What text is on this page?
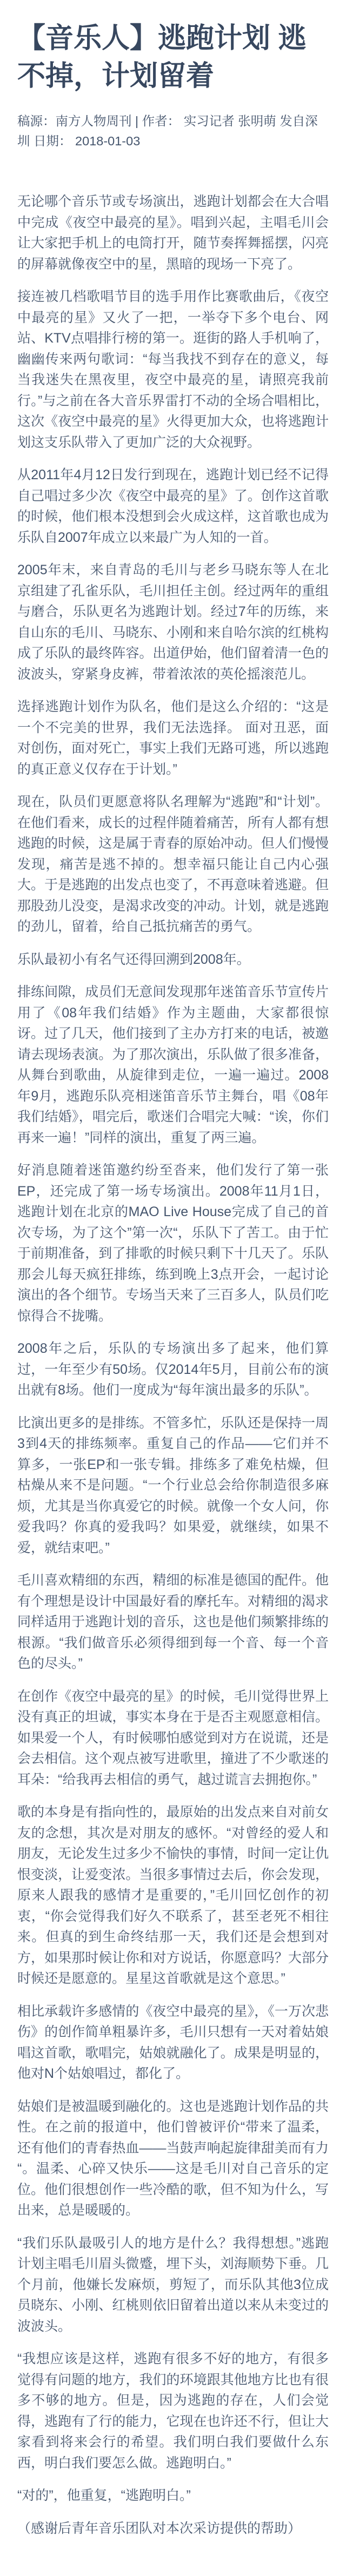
【音乐人】逃跑计划 逃不掉，计划留着
稿源：南方人物周刊 | 作者： 实习记者 张明萌 发自深圳 日期： 2018-01-03

无论哪个音乐节或专场演出，逃跑计划都会在大合唱中完成《夜空中最亮的星》。唱到兴起，主唱毛川会让大家把手机上的电筒打开，随节奏挥舞摇摆，闪亮的屏幕就像夜空中的星，黑暗的现场一下亮了。

接连被几档歌唱节目的选手用作比赛歌曲后，《夜空中最亮的星》又火了一把，一举夺下多个电台、网站、KTV点唱排行榜的第一。逛街的路人手机响了，幽幽传来两句歌词：“每当我找不到存在的意义，每当我迷失在黑夜里，夜空中最亮的星，请照亮我前行。”与之前在各大音乐界雷打不动的全场合唱相比，这次《夜空中最亮的星》火得更加大众，也将逃跑计划这支乐队带入了更加广泛的大众视野。

从2011年4月12日发行到现在，逃跑计划已经不记得自己唱过多少次《夜空中最亮的星》了。创作这首歌的时候，他们根本没想到会火成这样，这首歌也成为乐队自2007年成立以来最广为人知的一首。

2005年末，来自青岛的毛川与老乡马晓东等人在北京组建了孔雀乐队，毛川担任主创。经过两年的重组与磨合，乐队更名为逃跑计划。经过7年的历练，来自山东的毛川、马晓东、小刚和来自哈尔滨的红桃构成了乐队的最终阵容。出道伊始，他们留着清一色的波波头，穿紧身皮裤，带着浓浓的英伦摇滚范儿。

选择逃跑计划作为队名，他们是这么介绍的：“这是一个不完美的世界，我们无法选择。 面对丑恶，面对创伤，面对死亡，事实上我们无路可逃，所以逃跑的真正意义仅存在于计划。”

现在，队员们更愿意将队名理解为“逃跑”和“计划”。在他们看来，成长的过程伴随着痛苦，所有人都有想逃跑的时候，这是属于青春的原始冲动。但人们慢慢发现，痛苦是逃不掉的。想幸福只能让自己内心强大。于是逃跑的出发点也变了，不再意味着逃避。但那股劲儿没变，是渴求改变的冲动。计划，就是逃跑的劲儿，留着，给自己抵抗痛苦的勇气。

乐队最初小有名气还得回溯到2008年。

排练间隙，成员们无意间发现那年迷笛音乐节宣传片用了《08年我们结婚》作为主题曲，大家都很惊讶。过了几天，他们接到了主办方打来的电话，被邀请去现场表演。为了那次演出，乐队做了很多准备，从舞台到歌曲，从旋律到走位，一遍一遍过。2008年9月，逃跑乐队亮相迷笛音乐节主舞台，唱《08年我们结婚》，唱完后，歌迷们合唱完大喊：“诶，你们再来一遍！”同样的演出，重复了两三遍。

好消息随着迷笛邀约纷至沓来，他们发行了第一张EP，还完成了第一场专场演出。2008年11月1日，逃跑计划在北京的MAO Live House完成了自己的首次专场，为了这个”第一次“，乐队下了苦工。由于忙于前期准备，到了排歌的时候只剩下十几天了。乐队那会儿每天疯狂排练，练到晚上3点开会，一起讨论演出的各个细节。专场当天来了三百多人，队员们吃惊得合不拢嘴。

2008年之后，乐队的专场演出多了起来，他们算过，一年至少有50场。仅2014年5月，目前公布的演出就有8场。他们一度成为“每年演出最多的乐队”。

比演出更多的是排练。不管多忙，乐队还是保持一周3到4天的排练频率。重复自己的作品——它们并不算多，一张EP和一张专辑。排练多了难免枯燥，但枯燥从来不是问题。“一个行业总会给你制造很多麻烦，尤其是当你真爱它的时候。就像一个女人问，你爱我吗？你真的爱我吗？如果爱，就继续，如果不爱，就结束吧。”

毛川喜欢精细的东西，精细的标准是德国的配件。他有个理想是设计中国最好看的摩托车。对精细的渴求同样适用于逃跑计划的音乐，这也是他们频繁排练的根源。“我们做音乐必须得细到每一个音、每一个音色的尽头。”

在创作《夜空中最亮的星》的时候，毛川觉得世界上没有真正的坦诚，事实本身在于是否主观愿意相信。如果爱一个人，有时候哪怕感觉到对方在说谎，还是会去相信。这个观点被写进歌里，撞进了不少歌迷的耳朵：“给我再去相信的勇气，越过谎言去拥抱你。”

歌的本身是有指向性的，最原始的出发点来自对前女友的念想，其次是对朋友的感怀。“对曾经的爱人和朋友，无论发生过多少不愉快的事情，时间一定让仇恨变淡，让爱变浓。当很多事情过去后，你会发现，原来人跟我的感情才是重要的，”毛川回忆创作的初衷，“你会觉得我们好久不联系了，甚至老死不相往来。但真的到生命终结那一天，我们还是会想到对方，如果那时候让你和对方说话，你愿意吗？大部分时候还是愿意的。星星这首歌就是这个意思。”

相比承载许多感情的《夜空中最亮的星》，《一万次悲伤》的创作简单粗暴许多，毛川只想有一天对着姑娘唱这首歌，歌唱完，姑娘就融化了。成果是明显的，他对N个姑娘唱过，都化了。

姑娘们是被温暖到融化的。这也是逃跑计划作品的共性。在之前的报道中，他们曾被评价“带来了温柔，还有他们的青春热血——当鼓声响起旋律甜美而有力“。温柔、心碎又快乐——这是毛川对自己音乐的定位。他们很想创作一些冷酷的歌，但不知为什么，写出来，总是暖暖的。

“我们乐队最吸引人的地方是什么？我得想想。”逃跑计划主唱毛川眉头微蹙，埋下头，刘海顺势下垂。几个月前，他嫌长发麻烦，剪短了，而乐队其他3位成员晓东、小刚、红桃则依旧留着出道以来从未变过的波波头。

“我想应该是这样，逃跑有很多不好的地方，有很多觉得有问题的地方，我们的环境跟其他地方比也有很多不够的地方。但是，因为逃跑的存在，人们会觉得，逃跑有了行的能力，它现在也许还不行，但让大家看到将来会行的希望。我们明白我们要做什么东西，明白我们要怎么做。逃跑明白。”

“对的”，他重复，“逃跑明白。”

（感谢后青年音乐团队对本次采访提供的帮助）
